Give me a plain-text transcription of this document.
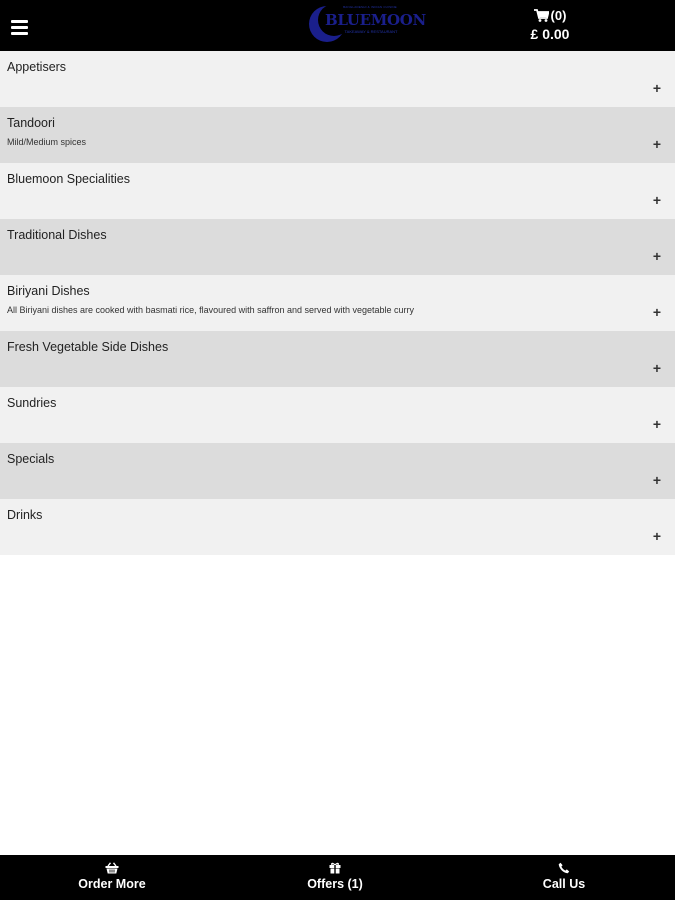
BANGLADESHI & INDIAN CUISINE
BLUEMOON
TAKEAWAY & RESTAURANT
(0)
£ 0.00
Appetisers
+
Tandoori
Mild/Medium spices	+
Bluemoon Specialities
+
Traditional Dishes
+
Biriyani Dishes
All Biriyani dishes are cooked with basmati rice, flavoured with saffron and served with vegetable curry	+
Fresh Vegetable Side Dishes
+
Sundries
+
Specials
+
Drinks
+
Order More	Offers (1)	Call Us
